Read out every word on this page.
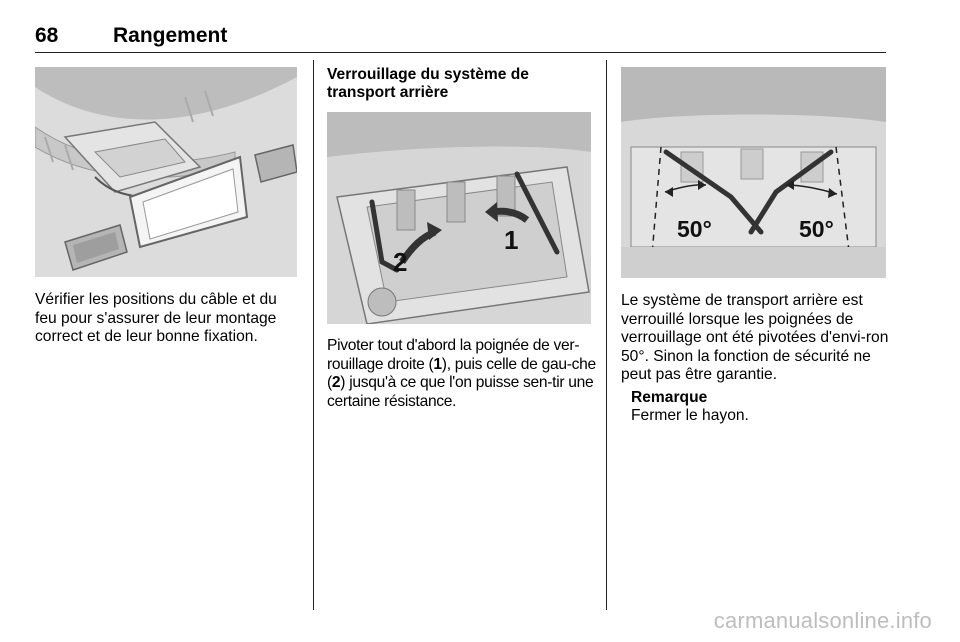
68	Rangement
Vérifier les positions du câble et du feu pour s'assurer de leur montage correct et de leur bonne fixation.
Verrouillage du système de transport arrière
1
2
Pivoter tout d'abord la poignée de ver-rouillage droite (1), puis celle de gau-che (2) jusqu'à ce que l'on puisse sen-tir une certaine résistance.
50°	50°
Le système de transport arrière est verrouillé lorsque les poignées de verrouillage ont été pivotées d'envi-ron 50°. Sinon la fonction de sécurité ne peut pas être garantie.
Remarque
Fermer le hayon.
carmanualsonline.info
